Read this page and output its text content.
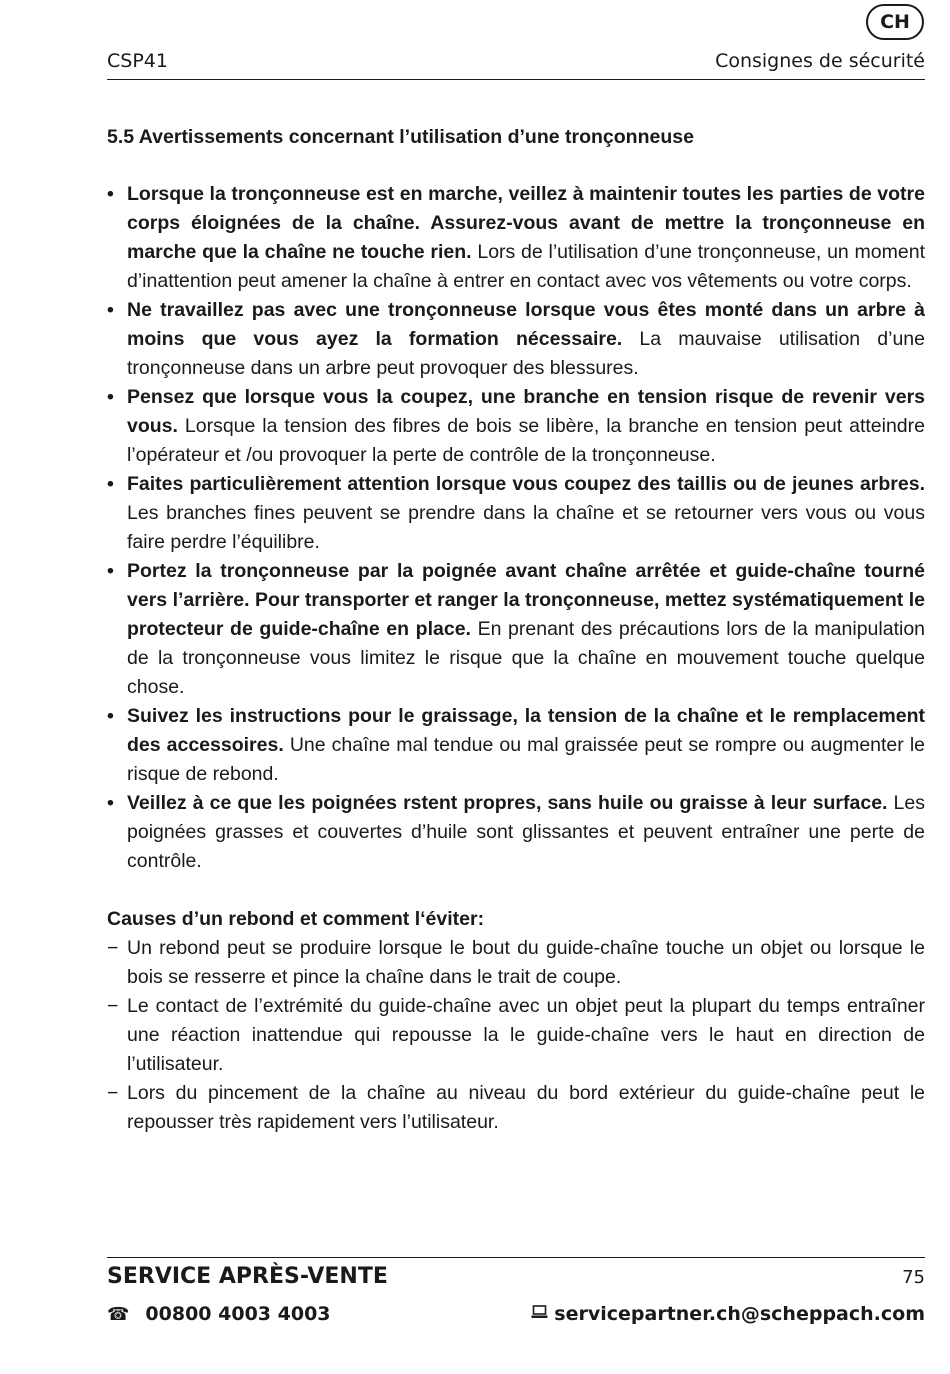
CH
CSP41	Consignes de sécurité
5.5 Avertissements concernant l’utilisation d’une tronçonneuse
• Lorsque la tronçonneuse est en marche, veillez à maintenir toutes les parties de votre corps éloignées de la chaîne. Assurez-vous avant de mettre la tronçonneuse en marche que la chaîne ne touche rien. Lors de l’utilisation d’une tronçonneuse, un moment d’inattention peut amener la chaîne à entrer en contact avec vos vêtements ou votre corps.
• Ne travaillez pas avec une tronçonneuse lorsque vous êtes monté dans un arbre à moins que vous ayez la formation nécessaire. La mauvaise utilisation d’une tronçonneuse dans un arbre peut provoquer des blessures.
• Pensez que lorsque vous la coupez, une branche en tension risque de revenir vers vous. Lorsque la tension des fibres de bois se libère, la branche en tension peut atteindre l’opérateur et /ou provoquer la perte de contrôle de la tronçonneuse.
• Faites particulièrement attention lorsque vous coupez des taillis ou de jeunes arbres. Les branches fines peuvent se prendre dans la chaîne et se retourner vers vous ou vous faire perdre l’équilibre.
• Portez la tronçonneuse par la poignée avant chaîne arrêtée et guide-chaîne tourné vers l’arrière. Pour transporter et ranger la tronçonneuse, mettez systématiquement le protecteur de guide-chaîne en place. En prenant des précautions lors de la manipulation de la tronçonneuse vous limitez le risque que la chaîne en mouvement touche quelque chose.
• Suivez les instructions pour le graissage, la tension de la chaîne et le remplacement des accessoires. Une chaîne mal tendue ou mal graissée peut se rompre ou augmenter le risque de rebond.
• Veillez à ce que les poignées rstent propres, sans huile ou graisse à leur surface. Les poignées grasses et couvertes d’huile sont glissantes et peuvent entraîner une perte de contrôle.
Causes d’un rebond et comment l‘éviter:
− Un rebond peut se produire lorsque le bout du guide-chaîne touche un objet ou lorsque le bois se resserre et pince la chaîne dans le trait de coupe.
− Le contact de l’extrémité du guide-chaîne avec un objet peut la plupart du temps entraîner une réaction inattendue qui repousse la le guide-chaîne vers le haut en direction de l’utilisateur.
− Lors du pincement de la chaîne au niveau du bord extérieur du guide-chaîne peut le repousser très rapidement vers l’utilisateur.
SERVICE APRÈS-VENTE	75
☎ 00800 4003 4003	servicepartner.ch@scheppach.com
